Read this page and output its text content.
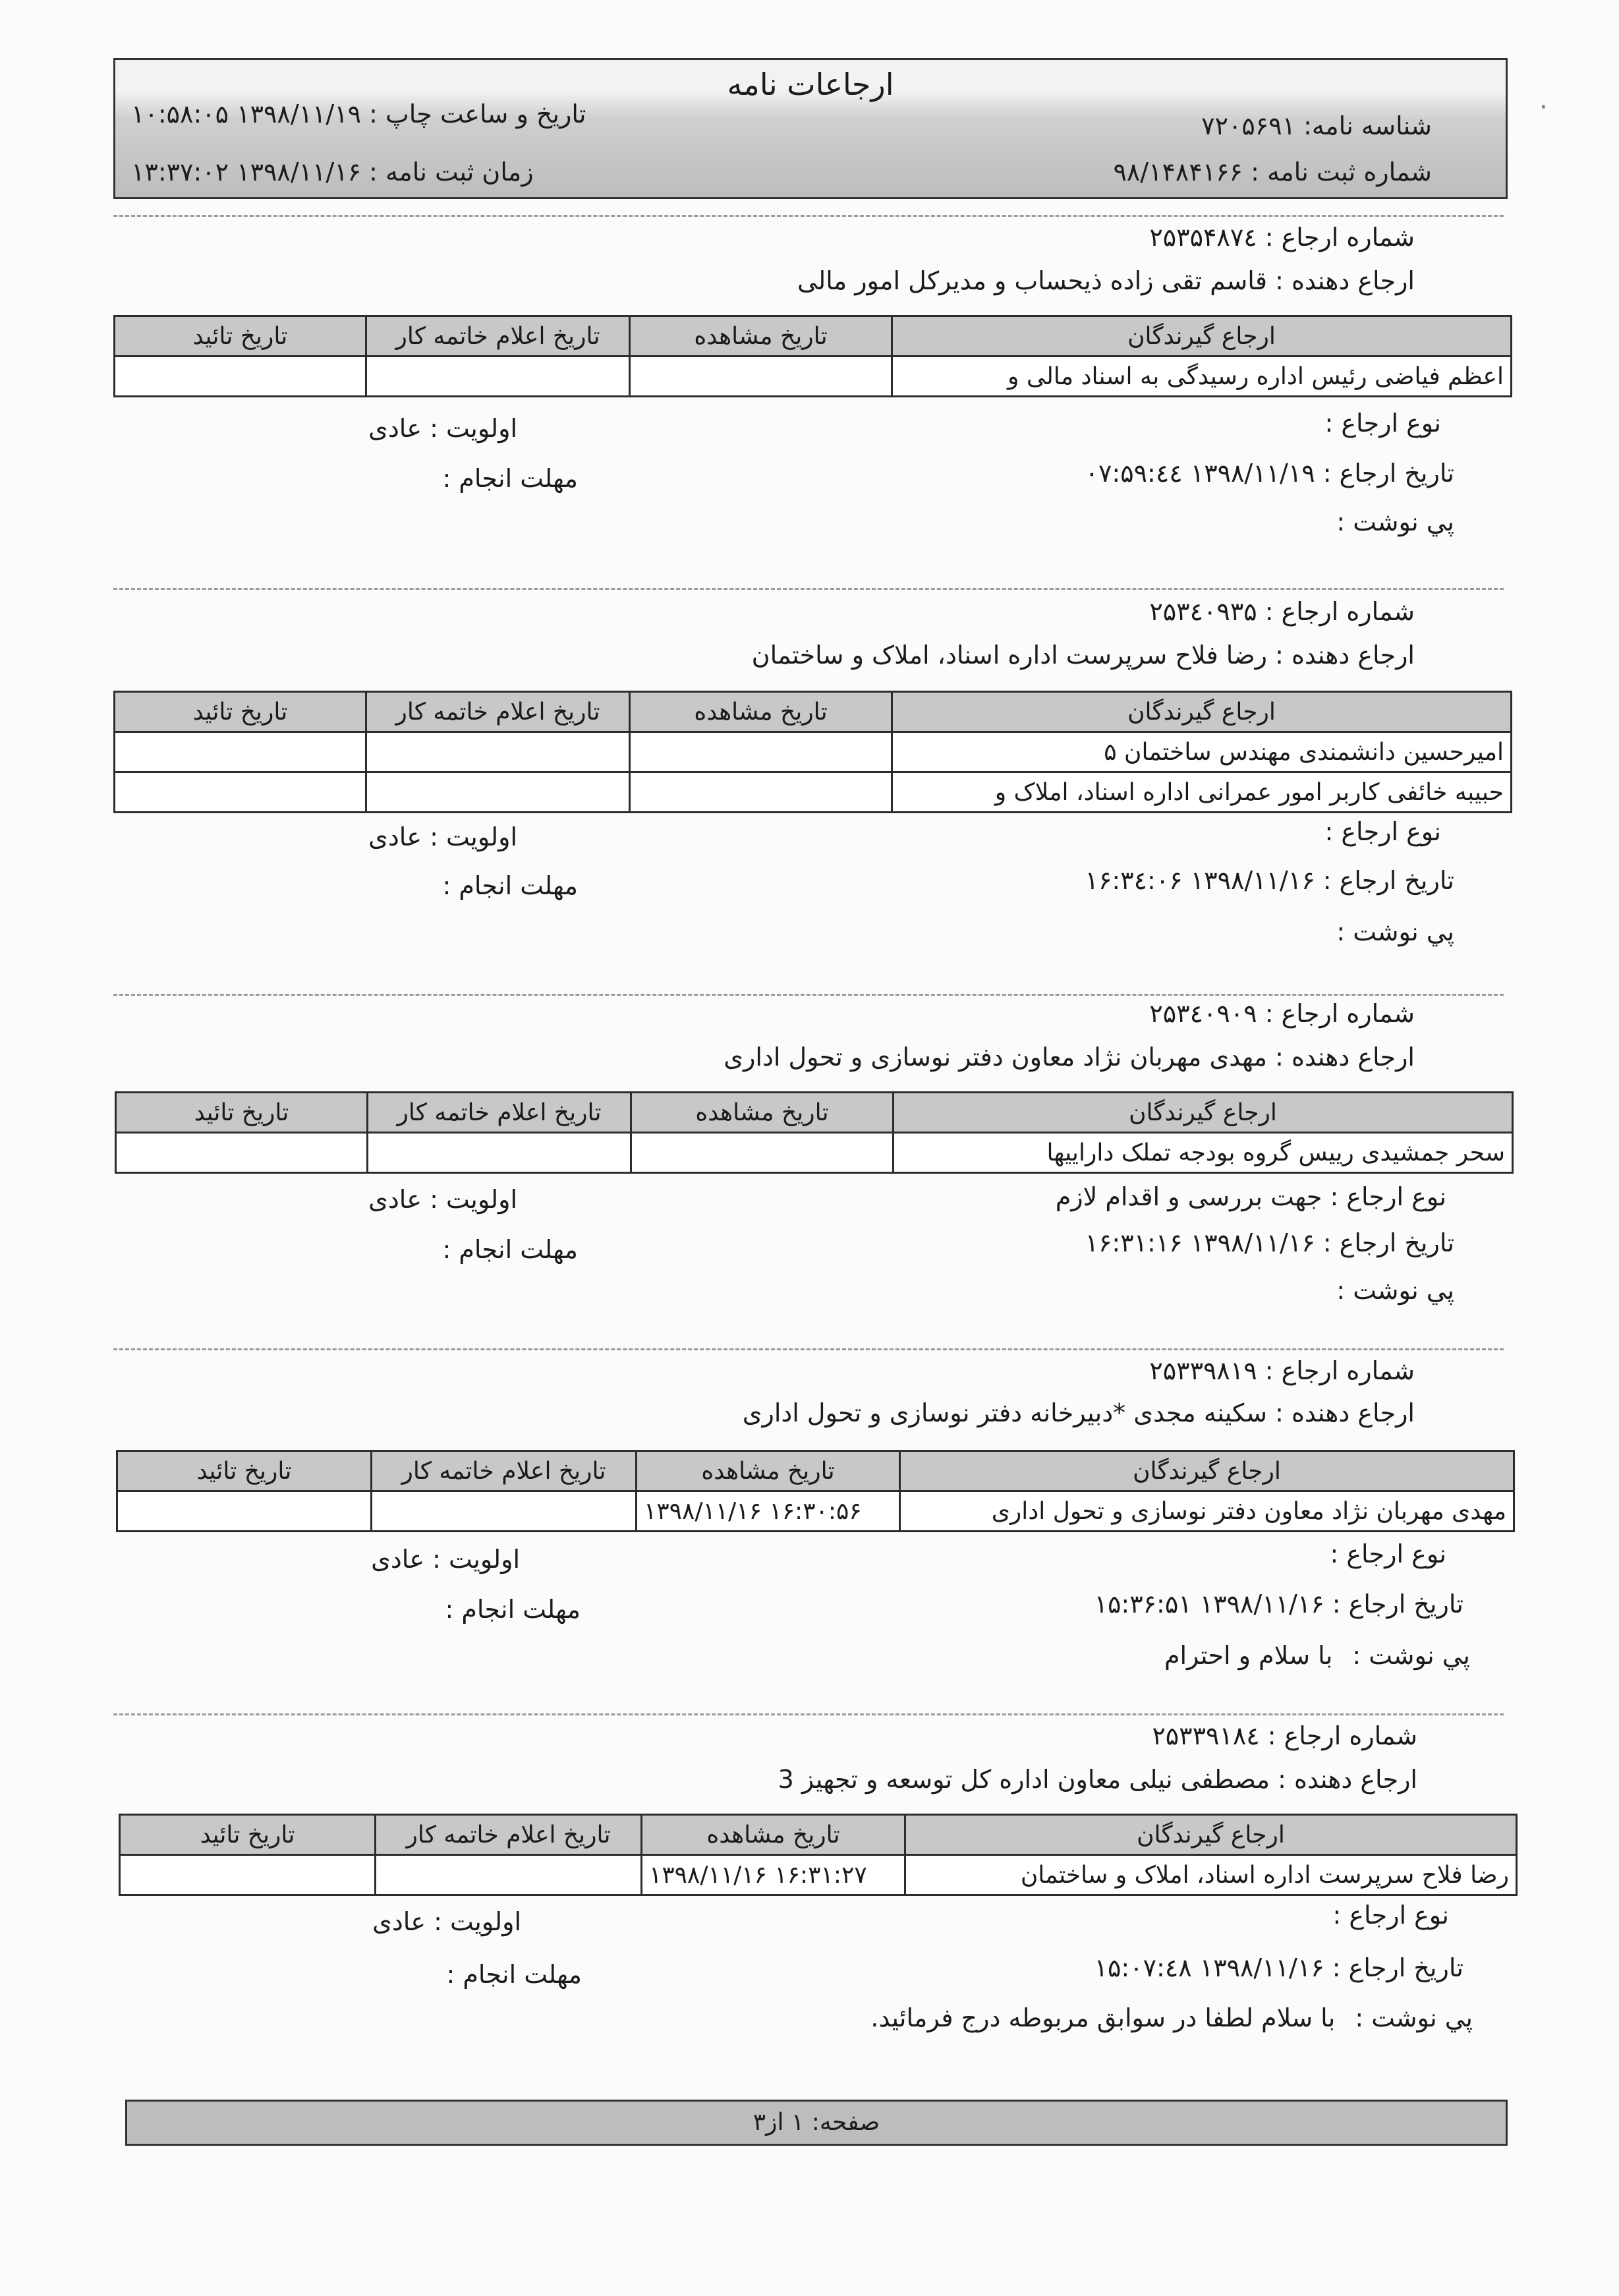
ارجاعات نامه
شناسه نامه: ۷۲۰۵۶۹۱
تاریخ و ساعت چاپ : ۱۳۹۸/۱۱/۱۹ ۱۰:۵۸:۰۵
شماره ثبت نامه : ۹۸/۱۴۸۴۱۶۶
زمان ثبت نامه : ۱۳۹۸/۱۱/۱۶ ۱۳:۳۷:۰۲
·
شماره ارجاع : ۲۵۳۵۴۸۷٤
ارجاع دهنده : قاسم تقی زاده ذیحساب و مدیرکل امور مالی
ارجاع گیرندگان	تاریخ مشاهده	تاریخ اعلام خاتمه کار	تاریخ تائید
اعظم فیاضی رئیس اداره رسیدگی به اسناد مالی و			
نوع ارجاع :
اولویت : عادی
مهلت انجام :	تاریخ ارجاع : ۱۳۹۸/۱۱/۱۹ ۰۷:۵۹:٤٤
پي نوشت :
شماره ارجاع : ۲۵۳٤۰۹۳۵
ارجاع دهنده : رضا فلاح سرپرست اداره اسناد، املاک و ساختمان
ارجاع گیرندگان	تاریخ مشاهده	تاریخ اعلام خاتمه کار	تاریخ تائید
امیرحسین دانشمندی مهندس ساختمان ۵			
حبیبه خائفی کاربر امور عمرانی اداره اسناد، املاک و			
نوع ارجاع :
اولویت : عادی
مهلت انجام :	تاریخ ارجاع : ۱۳۹۸/۱۱/۱۶ ۱۶:۳٤:۰۶
پي نوشت :
شماره ارجاع : ۲۵۳٤۰۹۰۹
ارجاع دهنده : مهدی مهربان نژاد معاون دفتر نوسازی و تحول اداری
ارجاع گیرندگان	تاریخ مشاهده	تاریخ اعلام خاتمه کار	تاریخ تائید
سحر جمشیدی ریيس گروه بودجه تملک داراییها			
نوع ارجاع : جهت بررسی و اقدام لازم
اولویت : عادی
مهلت انجام :	تاریخ ارجاع : ۱۳۹۸/۱۱/۱۶ ۱۶:۳۱:۱۶
پي نوشت :
شماره ارجاع : ۲۵۳۳۹۸۱۹
ارجاع دهنده : سکینه مجدی *دبیرخانه دفتر نوسازی و تحول اداری
ارجاع گیرندگان	تاریخ مشاهده	تاریخ اعلام خاتمه کار	تاریخ تائید
مهدی مهربان نژاد معاون دفتر نوسازی و تحول اداری	۱۳۹۸/۱۱/۱۶ ۱۶:۳۰:۵۶		
نوع ارجاع :
اولویت : عادی
مهلت انجام :	تاریخ ارجاع : ۱۳۹۸/۱۱/۱۶ ۱۵:۳۶:۵۱
پي نوشت : با سلام و احترام
شماره ارجاع : ۲۵۳۳۹۱۸٤
ارجاع دهنده : مصطفی نیلی معاون اداره کل توسعه و تجهیز 3
ارجاع گیرندگان	تاریخ مشاهده	تاریخ اعلام خاتمه کار	تاریخ تائید
رضا فلاح سرپرست اداره اسناد، املاک و ساختمان	۱۳۹۸/۱۱/۱۶ ۱۶:۳۱:۲۷		
نوع ارجاع :
اولویت : عادی
مهلت انجام :	تاریخ ارجاع : ۱۳۹۸/۱۱/۱۶ ۱۵:۰۷:٤۸
پي نوشت : با سلام لطفا در سوابق مربوطه درج فرمائید.
صفحه: ۱ از۳
